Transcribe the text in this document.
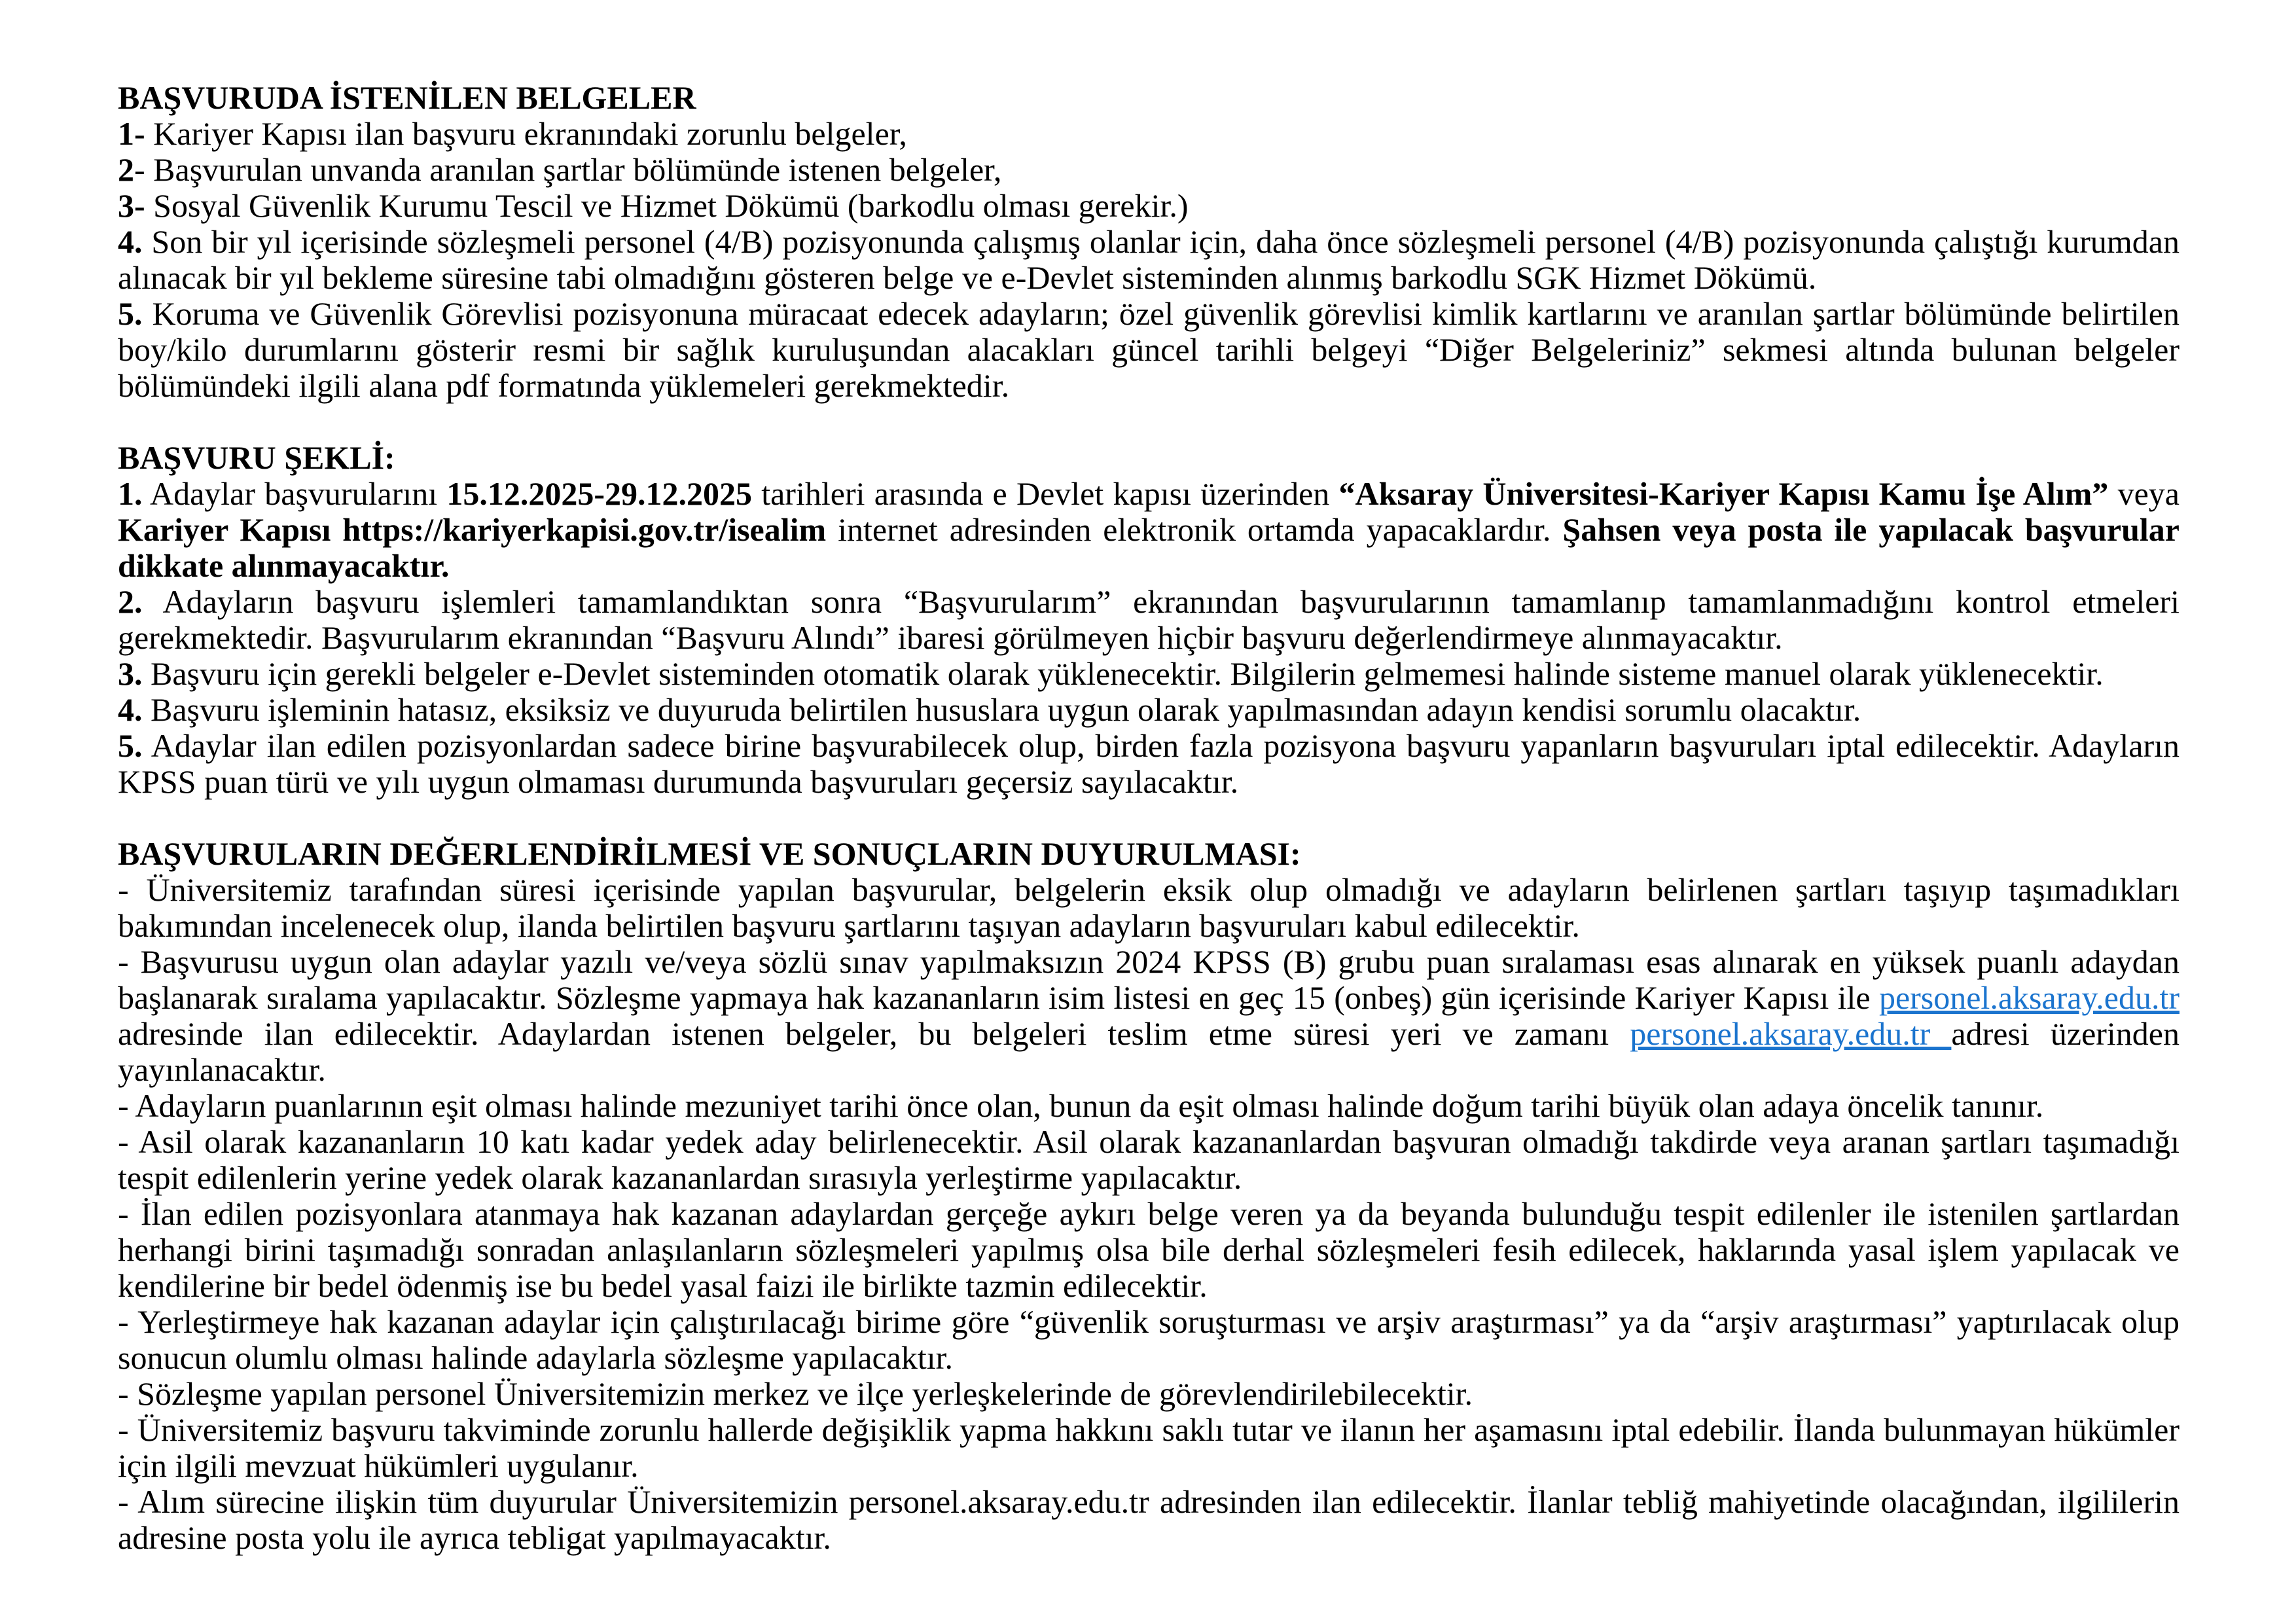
BAŞVURUDA İSTENİLEN BELGELER

1- Kariyer Kapısı ilan başvuru ekranındaki zorunlu belgeler,

2- Başvurulan unvanda aranılan şartlar bölümünde istenen belgeler,

3- Sosyal Güvenlik Kurumu Tescil ve Hizmet Dökümü (barkodlu olması gerekir.)

4. Son bir yıl içerisinde sözleşmeli personel (4/B) pozisyonunda çalışmış olanlar için, daha önce sözleşmeli personel (4/B) pozisyonunda çalıştığı kurumdan alınacak bir yıl bekleme süresine tabi olmadığını gösteren belge ve e-Devlet sisteminden alınmış barkodlu SGK Hizmet Dökümü.

5. Koruma ve Güvenlik Görevlisi pozisyonuna müracaat edecek adayların; özel güvenlik görevlisi kimlik kartlarını ve aranılan şartlar bölümünde belirtilen boy/kilo durumlarını gösterir resmi bir sağlık kuruluşundan alacakları güncel tarihli belgeyi “Diğer Belgeleriniz” sekmesi altında bulunan belgeler bölümündeki ilgili alana pdf formatında yüklemeleri gerekmektedir.

BAŞVURU ŞEKLİ:

1. Adaylar başvurularını 15.12.2025-29.12.2025 tarihleri arasında e Devlet kapısı üzerinden “Aksaray Üniversitesi-Kariyer Kapısı Kamu İşe Alım” veya Kariyer Kapısı https://kariyerkapisi.gov.tr/isealim internet adresinden elektronik ortamda yapacaklardır. Şahsen veya posta ile yapılacak başvurular dikkate alınmayacaktır.

2. Adayların başvuru işlemleri tamamlandıktan sonra “Başvurularım” ekranından başvurularının tamamlanıp tamamlanmadığını kontrol etmeleri gerekmektedir. Başvurularım ekranından “Başvuru Alındı” ibaresi görülmeyen hiçbir başvuru değerlendirmeye alınmayacaktır.

3. Başvuru için gerekli belgeler e-Devlet sisteminden otomatik olarak yüklenecektir. Bilgilerin gelmemesi halinde sisteme manuel olarak yüklenecektir.

4. Başvuru işleminin hatasız, eksiksiz ve duyuruda belirtilen hususlara uygun olarak yapılmasından adayın kendisi sorumlu olacaktır.

5. Adaylar ilan edilen pozisyonlardan sadece birine başvurabilecek olup, birden fazla pozisyona başvuru yapanların başvuruları iptal edilecektir. Adayların KPSS puan türü ve yılı uygun olmaması durumunda başvuruları geçersiz sayılacaktır.

BAŞVURULARIN DEĞERLENDİRİLMESİ VE SONUÇLARIN DUYURULMASI:

- Üniversitemiz tarafından süresi içerisinde yapılan başvurular, belgelerin eksik olup olmadığı ve adayların belirlenen şartları taşıyıp taşımadıkları bakımından incelenecek olup, ilanda belirtilen başvuru şartlarını taşıyan adayların başvuruları kabul edilecektir.

- Başvurusu uygun olan adaylar yazılı ve/veya sözlü sınav yapılmaksızın 2024 KPSS (B) grubu puan sıralaması esas alınarak en yüksek puanlı adaydan başlanarak sıralama yapılacaktır. Sözleşme yapmaya hak kazananların isim listesi en geç 15 (onbeş) gün içerisinde Kariyer Kapısı ile personel.aksaray.edu.tr adresinde ilan edilecektir. Adaylardan istenen belgeler, bu belgeleri teslim etme süresi yeri ve zamanı personel.aksaray.edu.tr adresi üzerinden yayınlanacaktır.

- Adayların puanlarının eşit olması halinde mezuniyet tarihi önce olan, bunun da eşit olması halinde doğum tarihi büyük olan adaya öncelik tanınır.

- Asil olarak kazananların 10 katı kadar yedek aday belirlenecektir. Asil olarak kazananlardan başvuran olmadığı takdirde veya aranan şartları taşımadığı tespit edilenlerin yerine yedek olarak kazananlardan sırasıyla yerleştirme yapılacaktır.

- İlan edilen pozisyonlara atanmaya hak kazanan adaylardan gerçeğe aykırı belge veren ya da beyanda bulunduğu tespit edilenler ile istenilen şartlardan herhangi birini taşımadığı sonradan anlaşılanların sözleşmeleri yapılmış olsa bile derhal sözleşmeleri fesih edilecek, haklarında yasal işlem yapılacak ve kendilerine bir bedel ödenmiş ise bu bedel yasal faizi ile birlikte tazmin edilecektir.

- Yerleştirmeye hak kazanan adaylar için çalıştırılacağı birime göre “güvenlik soruşturması ve arşiv araştırması” ya da “arşiv araştırması” yaptırılacak olup sonucun olumlu olması halinde adaylarla sözleşme yapılacaktır.

- Sözleşme yapılan personel Üniversitemizin merkez ve ilçe yerleşkelerinde de görevlendirilebilecektir.

- Üniversitemiz başvuru takviminde zorunlu hallerde değişiklik yapma hakkını saklı tutar ve ilanın her aşamasını iptal edebilir. İlanda bulunmayan hükümler için ilgili mevzuat hükümleri uygulanır.

- Alım sürecine ilişkin tüm duyurular Üniversitemizin personel.aksaray.edu.tr adresinden ilan edilecektir. İlanlar tebliğ mahiyetinde olacağından, ilgililerin adresine posta yolu ile ayrıca tebligat yapılmayacaktır.
